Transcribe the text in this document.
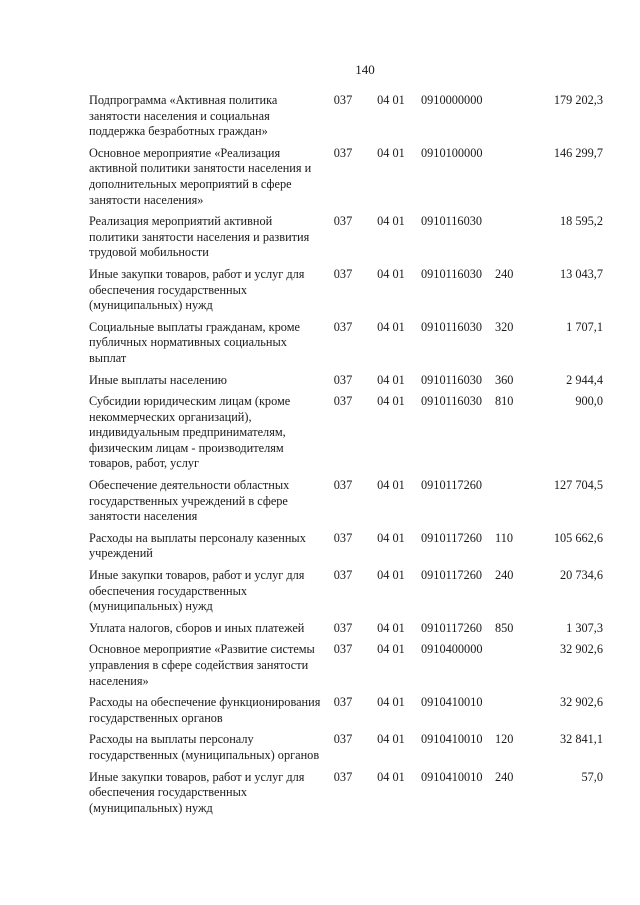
140
Подпрограмма «Активная политика занятости населения и социальная поддержка безработных граждан»	037	04 01	0910000000		179 202,3
Основное мероприятие «Реализация активной политики занятости населения и дополнительных мероприятий в сфере занятости населения»	037	04 01	0910100000		146 299,7
Реализация мероприятий активной политики занятости населения и развития трудовой мобильности	037	04 01	0910116030		18 595,2
Иные закупки товаров, работ и услуг для обеспечения государственных (муниципальных) нужд	037	04 01	0910116030	240	13 043,7
Социальные выплаты гражданам, кроме публичных нормативных социальных выплат	037	04 01	0910116030	320	1 707,1
Иные выплаты населению	037	04 01	0910116030	360	2 944,4
Субсидии юридическим лицам (кроме некоммерческих организаций), индивидуальным предпринимателям, физическим лицам - производителям товаров, работ, услуг	037	04 01	0910116030	810	900,0
Обеспечение деятельности областных государственных учреждений в сфере занятости населения	037	04 01	0910117260		127 704,5
Расходы на выплаты персоналу казенных учреждений	037	04 01	0910117260	110	105 662,6
Иные закупки товаров, работ и услуг для обеспечения государственных (муниципальных) нужд	037	04 01	0910117260	240	20 734,6
Уплата налогов, сборов и иных платежей	037	04 01	0910117260	850	1 307,3
Основное мероприятие «Развитие системы управления в сфере содействия занятости населения»	037	04 01	0910400000		32 902,6
Расходы на обеспечение функционирования государственных органов	037	04 01	0910410010		32 902,6
Расходы на выплаты персоналу государственных (муниципальных) органов	037	04 01	0910410010	120	32 841,1
Иные закупки товаров, работ и услуг для обеспечения государственных (муниципальных) нужд	037	04 01	0910410010	240	57,0
